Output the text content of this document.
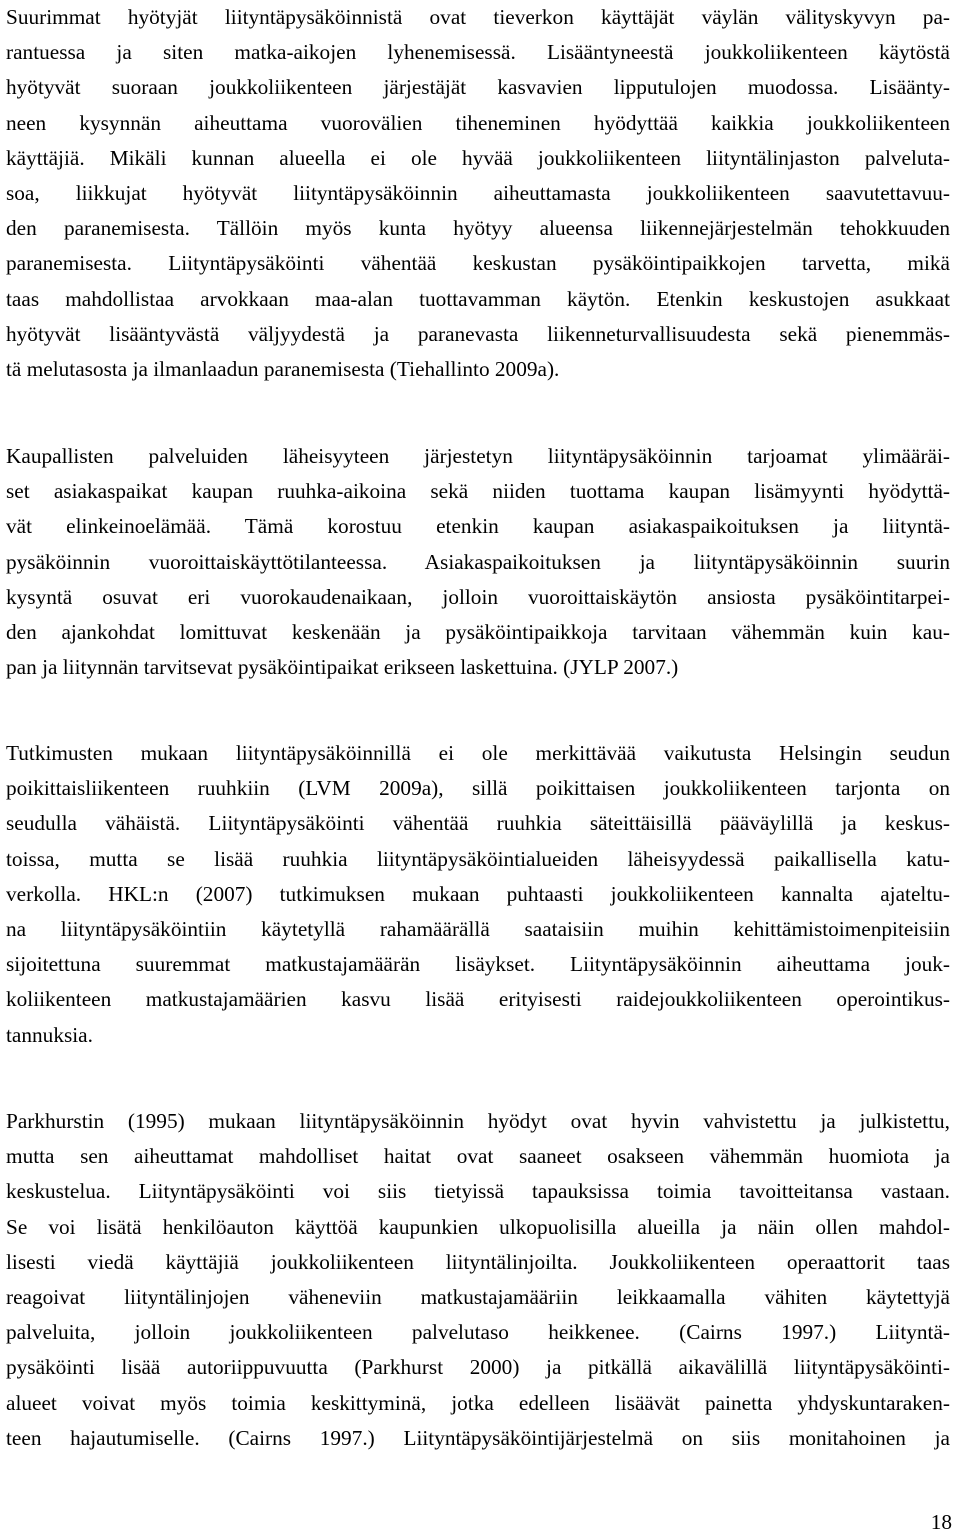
Suurimmat hyötyjät liityntäpysäköinnistä ovat tieverkon käyttäjät väylän välityskyvyn pa-
rantuessa ja siten matka-aikojen lyhenemisessä. Lisääntyneestä joukkoliikenteen käytöstä
hyötyvät suoraan joukkoliikenteen järjestäjät kasvavien lipputulojen muodossa. Lisäänty-
neen kysynnän aiheuttama vuorovälien tiheneminen hyödyttää kaikkia joukkoliikenteen
käyttäjiä. Mikäli kunnan alueella ei ole hyvää joukkoliikenteen liityntälinjaston palveluta-
soa, liikkujat hyötyvät liityntäpysäköinnin aiheuttamasta joukkoliikenteen saavutettavuu-
den paranemisesta. Tällöin myös kunta hyötyy alueensa liikennejärjestelmän tehokkuuden
paranemisesta. Liityntäpysäköinti vähentää keskustan pysäköintipaikkojen tarvetta, mikä
taas mahdollistaa arvokkaan maa-alan tuottavamman käytön. Etenkin keskustojen asukkaat
hyötyvät lisääntyvästä väljyydestä ja paranevasta liikenneturvallisuudesta sekä pienemmäs-
tä melutasosta ja ilmanlaadun paranemisesta (Tiehallinto 2009a).
Kaupallisten palveluiden läheisyyteen järjestetyn liityntäpysäköinnin tarjoamat ylimääräi-
set asiakaspaikat kaupan ruuhka-aikoina sekä niiden tuottama kaupan lisämyynti hyödyttä-
vät elinkeinoelämää. Tämä korostuu etenkin kaupan asiakaspaikoituksen ja liityntä-
pysäköinnin vuoroittaiskäyttötilanteessa. Asiakaspaikoituksen ja liityntäpysäköinnin suurin
kysyntä osuvat eri vuorokaudenaikaan, jolloin vuoroittaiskäytön ansiosta pysäköintitarpei-
den ajankohdat lomittuvat keskenään ja pysäköintipaikkoja tarvitaan vähemmän kuin kau-
pan ja liitynnän tarvitsevat pysäköintipaikat erikseen laskettuina. (JYLP 2007.)
Tutkimusten mukaan liityntäpysäköinnillä ei ole merkittävää vaikutusta Helsingin seudun
poikittaisliikenteen ruuhkiin (LVM 2009a), sillä poikittaisen joukkoliikenteen tarjonta on
seudulla vähäistä. Liityntäpysäköinti vähentää ruuhkia säteittäisillä pääväylillä ja keskus-
toissa, mutta se lisää ruuhkia liityntäpysäköintialueiden läheisyydessä paikallisella katu-
verkolla. HKL:n (2007) tutkimuksen mukaan puhtaasti joukkoliikenteen kannalta ajateltu-
na liityntäpysäköintiin käytetyllä rahamäärällä saataisiin muihin kehittämistoimenpiteisiin
sijoitettuna suuremmat matkustajamäärän lisäykset. Liityntäpysäköinnin aiheuttama jouk-
koliikenteen matkustajamäärien kasvu lisää erityisesti raidejoukkoliikenteen operointikus-
tannuksia.
Parkhurstin (1995) mukaan liityntäpysäköinnin hyödyt ovat hyvin vahvistettu ja julkistettu,
mutta sen aiheuttamat mahdolliset haitat ovat saaneet osakseen vähemmän huomiota ja
keskustelua. Liityntäpysäköinti voi siis tietyissä tapauksissa toimia tavoitteitansa vastaan.
Se voi lisätä henkilöauton käyttöä kaupunkien ulkopuolisilla alueilla ja näin ollen mahdol-
lisesti viedä käyttäjiä joukkoliikenteen liityntälinjoilta. Joukkoliikenteen operaattorit taas
reagoivat liityntälinjojen väheneviin matkustajamääriin leikkaamalla vähiten käytettyjä
palveluita, jolloin joukkoliikenteen palvelutaso heikkenee. (Cairns 1997.) Liityntä-
pysäköinti lisää autoriippuvuutta (Parkhurst 2000) ja pitkällä aikavälillä liityntäpysäköinti-
alueet voivat myös toimia keskittyminä, jotka edelleen lisäävät painetta yhdyskuntaraken-
teen hajautumiselle. (Cairns 1997.) Liityntäpysäköintijärjestelmä on siis monitahoinen ja
18
